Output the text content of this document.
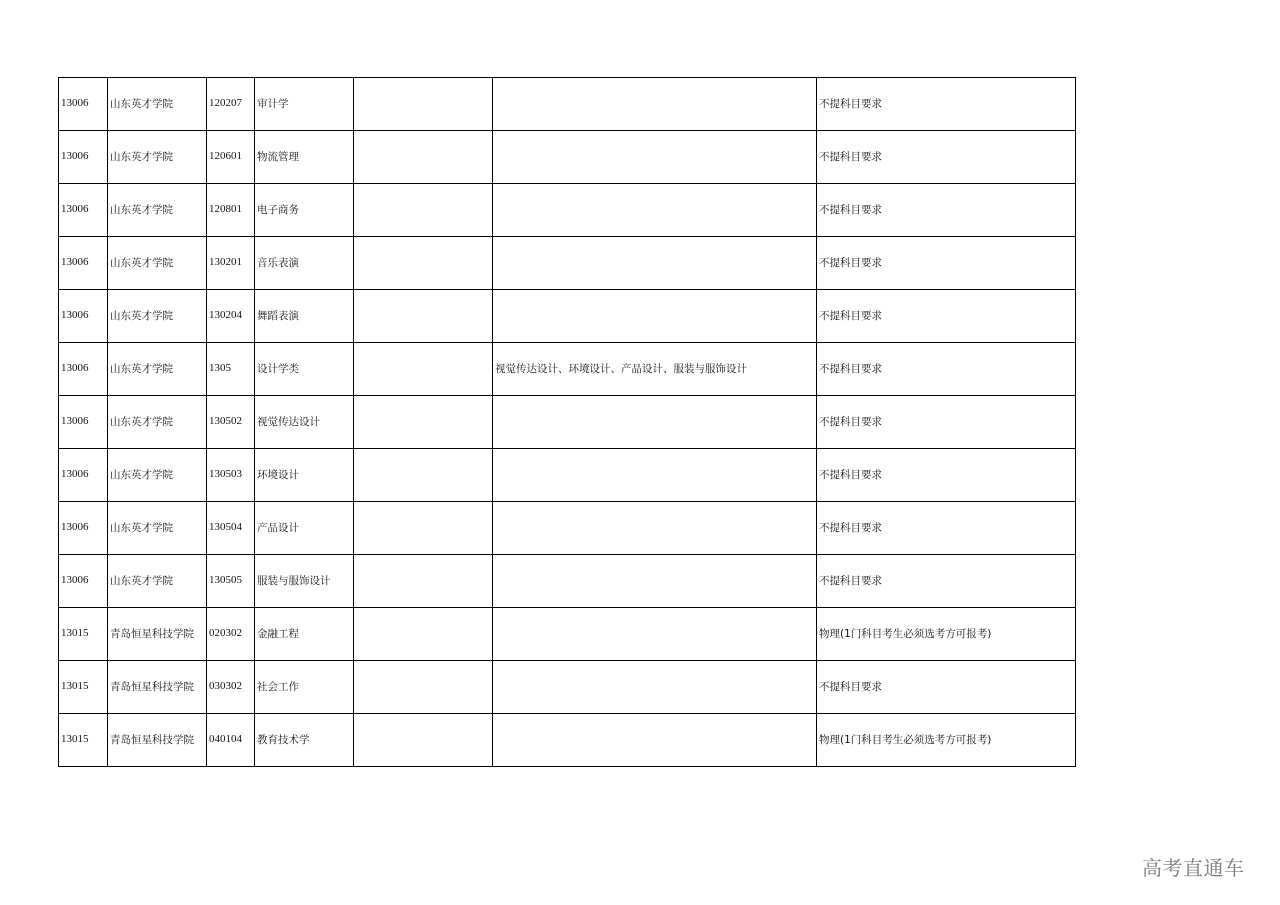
13006	山东英才学院	120207	审计学			不提科目要求
13006	山东英才学院	120601	物流管理			不提科目要求
13006	山东英才学院	120801	电子商务			不提科目要求
13006	山东英才学院	130201	音乐表演			不提科目要求
13006	山东英才学院	130204	舞蹈表演			不提科目要求
13006	山东英才学院	1305	设计学类		视觉传达设计、环境设计、产品设计、服装与服饰设计	不提科目要求
13006	山东英才学院	130502	视觉传达设计			不提科目要求
13006	山东英才学院	130503	环境设计			不提科目要求
13006	山东英才学院	130504	产品设计			不提科目要求
13006	山东英才学院	130505	服装与服饰设计			不提科目要求
13015	青岛恒星科技学院	020302	金融工程			物理(1门科目考生必须选考方可报考)
13015	青岛恒星科技学院	030302	社会工作			不提科目要求
13015	青岛恒星科技学院	040104	教育技术学			物理(1门科目考生必须选考方可报考)
高考直通车
